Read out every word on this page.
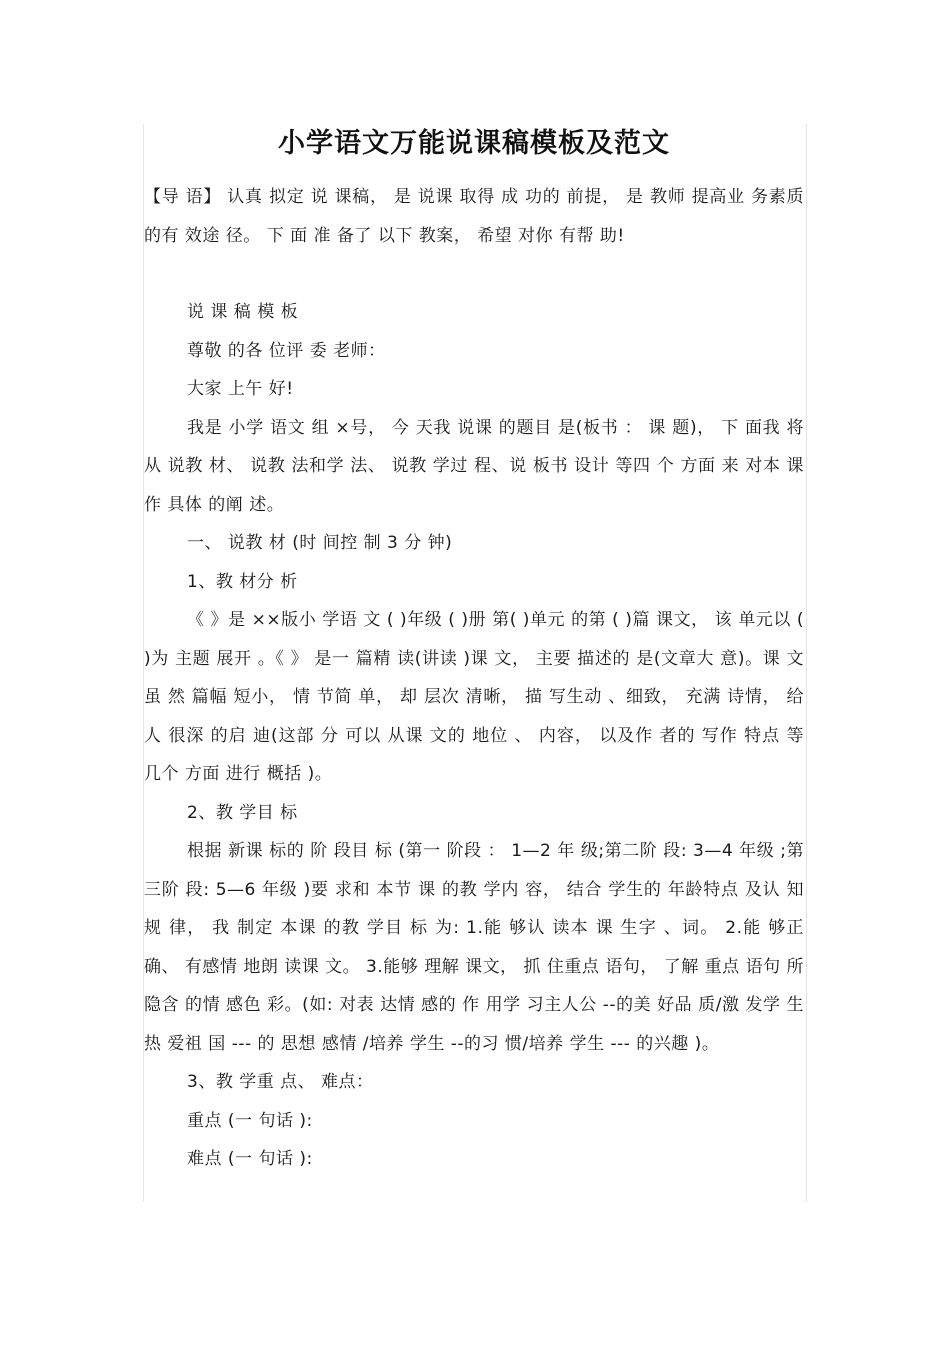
小学语文万能说课稿模板及范文

【导 语】 认真 拟定 说 课稿， 是 说课 取得 成 功的 前提， 是 教师 提高业 务素质 的有 效途 径。 下 面 准 备了 以下 教案， 希望 对你 有帮 助!

说 课 稿 模 板

尊敬 的各 位评 委 老师：

大家 上午 好!

我是 小学 语文 组 ×号， 今 天我 说课 的题目 是(板书 ： 课 题)， 下 面我 将从 说教 材、 说教 法和学 法、 说教 学过 程、说 板书 设计 等四 个 方面 来 对本 课作 具体 的阐 述。

一、 说教 材 (时 间控 制 3 分 钟)

1、教 材分 析

《 》是 ××版小 学语 文 ( )年级 ( )册 第( )单元 的第 ( )篇 课文， 该 单元以 ( )为 主题 展开 。《 》 是一 篇精 读(讲读 )课 文， 主要 描述的 是(文章大 意)。课 文虽 然 篇幅 短小， 情 节简 单， 却 层次 清晰， 描 写生动 、细致， 充满 诗情， 给 人 很深 的启 迪(这部 分 可以 从课 文的 地位 、 内容， 以及作 者的 写作 特点 等 几个 方面 进行 概括 )。

2、教 学目 标

根据 新课 标的 阶 段目 标 (第一 阶段 ： 1—2 年 级;第二阶 段: 3—4 年级 ;第三阶 段: 5—6 年级 )要 求和 本节 课 的教 学内 容， 结合 学生的 年龄特点 及认 知规 律， 我 制定 本课 的教 学目 标 为: 1.能 够认 读本 课 生字 、词。 2.能 够正 确、 有感情 地朗 读课 文。 3.能够 理解 课文， 抓 住重点 语句， 了解 重点 语句 所 隐含 的情 感色 彩。(如: 对表 达情 感的 作 用学 习主人公 --的美 好品 质/激 发学 生热 爱祖 国 --- 的 思想 感情 /培养 学生 --的习 惯/培养 学生 --- 的兴趣 )。

3、教 学重 点、 难点：

重点 (一 句话 ):

难点 (一 句话 ):
